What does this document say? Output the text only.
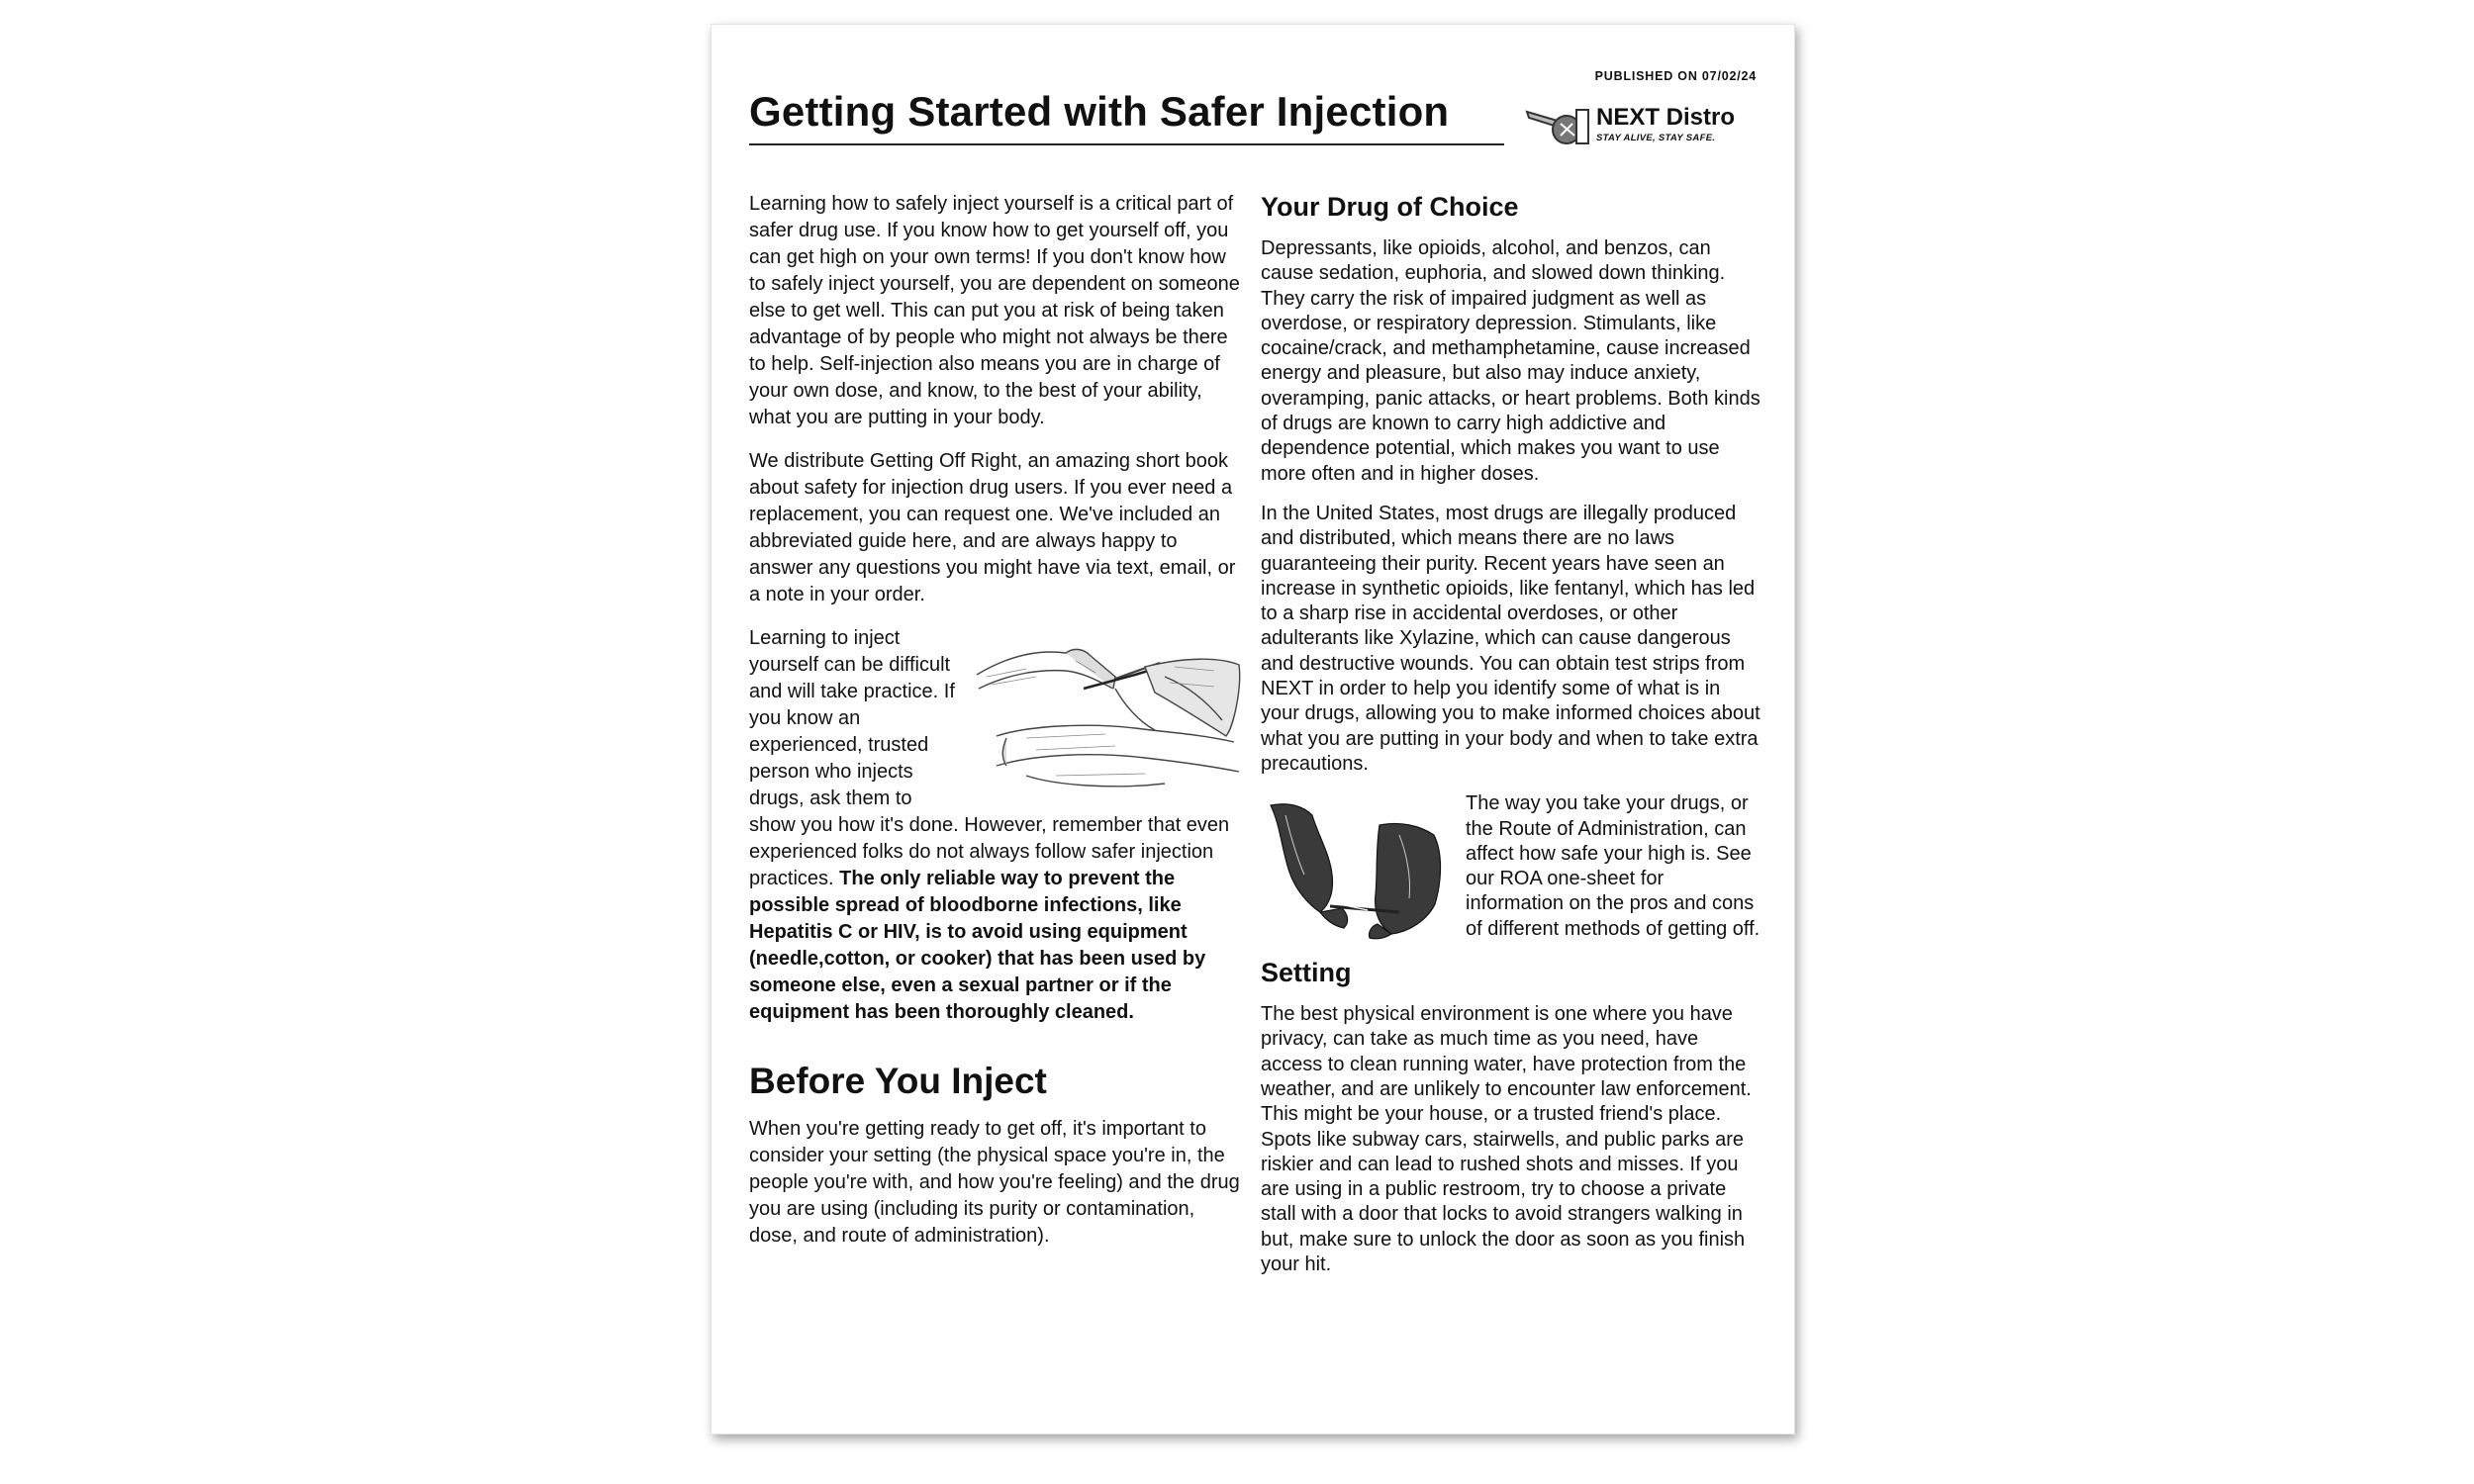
PUBLISHED ON 07/02/24
Getting Started with Safer Injection	NEXT Distro
STAY ALIVE, STAY SAFE.

Learning how to safely inject yourself is a critical part of safer drug use. If you know how to get yourself off, you can get high on your own terms! If you don't know how to safely inject yourself, you are dependent on someone else to get well. This can put you at risk of being taken advantage of by people who might not always be there to help. Self-injection also means you are in charge of your own dose, and know, to the best of your ability, what you are putting in your body.

We distribute Getting Off Right, an amazing short book about safety for injection drug users. If you ever need a replacement, you can request one. We've included an abbreviated guide here, and are always happy to answer any questions you might have via text, email, or a note in your order.

Learning to inject yourself can be difficult and will take practice. If you know an experienced, trusted person who injects drugs, ask them to show you how it's done. However, remember that even experienced folks do not always follow safer injection practices. The only reliable way to prevent the possible spread of bloodborne infections, like Hepatitis C or HIV, is to avoid using equipment (needle,cotton, or cooker) that has been used by someone else, even a sexual partner or if the equipment has been thoroughly cleaned.

Before You Inject

When you're getting ready to get off, it's important to consider your setting (the physical space you're in, the people you're with, and how you're feeling) and the drug you are using (including its purity or contamination, dose, and route of administration).

Your Drug of Choice

Depressants, like opioids, alcohol, and benzos, can cause sedation, euphoria, and slowed down thinking. They carry the risk of impaired judgment as well as overdose, or respiratory depression. Stimulants, like cocaine/crack, and methamphetamine, cause increased energy and pleasure, but also may induce anxiety, overamping, panic attacks, or heart problems. Both kinds of drugs are known to carry high addictive and dependence potential, which makes you want to use more often and in higher doses.

In the United States, most drugs are illegally produced and distributed, which means there are no laws guaranteeing their purity. Recent years have seen an increase in synthetic opioids, like fentanyl, which has led to a sharp rise in accidental overdoses, or other adulterants like Xylazine, which can cause dangerous and destructive wounds. You can obtain test strips from NEXT in order to help you identify some of what is in your drugs, allowing you to make informed choices about what you are putting in your body and when to take extra precautions.

The way you take your drugs, or the Route of Administration, can affect how safe your high is. See our ROA one-sheet for information on the pros and cons of different methods of getting off.

Setting

The best physical environment is one where you have privacy, can take as much time as you need, have access to clean running water, have protection from the weather, and are unlikely to encounter law enforcement. This might be your house, or a trusted friend's place. Spots like subway cars, stairwells, and public parks are riskier and can lead to rushed shots and misses. If you are using in a public restroom, try to choose a private stall with a door that locks to avoid strangers walking in but, make sure to unlock the door as soon as you finish your hit.
